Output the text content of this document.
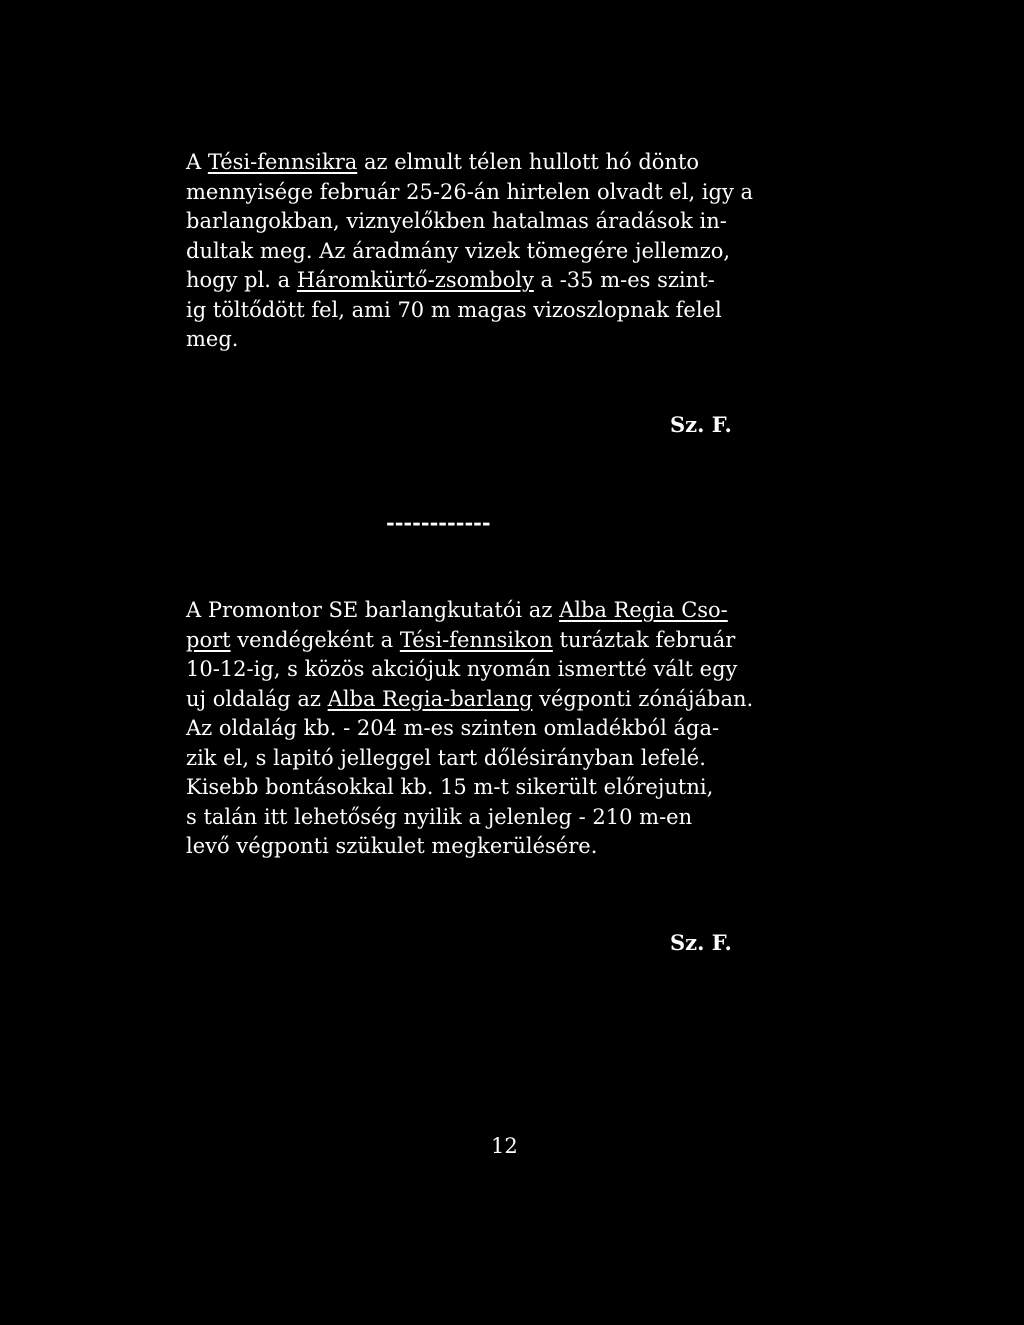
A Tési-fennsikra az elmult télen hullott hó dönto
mennyisége február 25-26-án hirtelen olvadt el, igy a
barlangokban, viznyelőkben hatalmas áradások in-
dultak meg. Az áradmány vizek tömegére jellemzo,
hogy pl. a Háromkürtő-zsomboly a -35 m-es szint-
ig töltődött fel, ami 70 m magas vizoszlopnak felel
meg.

Sz. F.

------------

A Promontor SE barlangkutatói az Alba Regia Cso-
port vendégeként a Tési-fennsikon turáztak február
10-12-ig, s közös akciójuk nyomán ismertté vált egy
uj oldalág az Alba Regia-barlang végponti zónájában.
Az oldalág kb. - 204 m-es szinten omladékból ága-
zik el, s lapitó jelleggel tart dőlésirányban lefelé.
Kisebb bontásokkal kb. 15 m-t sikerült előrejutni,
s talán itt lehetőség nyilik a jelenleg - 210 m-en
levő végponti szükulet megkerülésére.

Sz. F.

12
